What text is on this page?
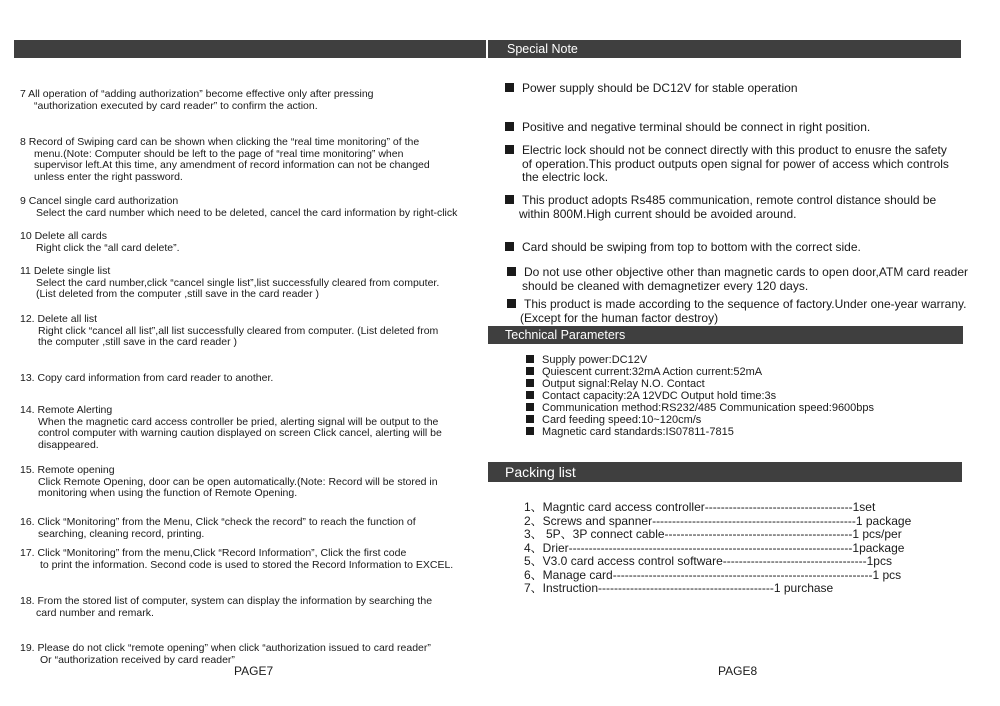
7 All operation of “adding authorization” become effective only after pressing
“authorization executed by card reader” to confirm the action.
8 Record of Swiping card can be shown when clicking the “real time monitoring” of the
menu.(Note: Computer should be left to the page of “real time monitoring” when
supervisor left.At this time, any amendment of record information can not be changed
unless enter the right password.
9 Cancel single card authorization
Select the card number which need to be deleted, cancel the card information by right-click
10 Delete all cards
Right click the “all card delete”.
11 Delete single list
Select the card number,click “cancel single list”,list successfully cleared from computer.
(List deleted from the computer ,still save in the card reader )
12. Delete all list
Right click “cancel all list”,all list successfully cleared from computer. (List deleted from
the computer ,still save in the card reader )
13. Copy card information from card reader to another.
14. Remote Alerting
When the magnetic card access controller be pried, alerting signal will be output to the
control computer with warning caution displayed on screen Click cancel, alerting will be
disappeared.
15. Remote opening
Click Remote Opening, door can be open automatically.(Note: Record will be stored in
monitoring when using the function of Remote Opening.
16. Click “Monitoring” from the Menu, Click “check the record” to reach the function of
searching, cleaning record, printing.
17. Click “Monitoring” from the menu,Click “Record Information”, Click the first code
to print the information. Second code is used to stored the Record Information to EXCEL.
18. From the stored list of computer, system can display the information by searching the
card number and remark.
19. Please do not click “remote opening” when click “authorization issued to card reader”
Or “authorization received by card reader”
PAGE7
Special Note
Power supply should be DC12V for stable operation
Positive and negative terminal should be connect in right position.
Electric lock should not be connect directly with this product to enusre the safety
of operation.This product outputs open signal for power of access which controls
the electric lock.
This product adopts Rs485 communication, remote control distance should be
within 800M.High current should be avoided around.
Card should be swiping from top to bottom with the correct side.
Do not use other objective other than magnetic cards to open door,ATM card reader
should be cleaned with demagnetizer every 120 days.
This product is made according to the sequence of factory.Under one-year warrany.
(Except for the human factor destroy)
Technical Parameters
Supply power:DC12V
Quiescent current:32mA Action current:52mA
Output signal:Relay N.O. Contact
Contact capacity:2A 12VDC Output hold time:3s
Communication method:RS232/485 Communication speed:9600bps
Card feeding speed:10~120cm/s
Magnetic card standards:IS07811-7815
Packing list
1、Magntic card access controller-------------------------------------1set
2、Screws and spanner---------------------------------------------------1 package
3、 5P、3P connect cable-----------------------------------------------1 pcs/per
4、Drier-----------------------------------------------------------------------1package
5、V3.0 card access control software------------------------------------1pcs
6、Manage card-----------------------------------------------------------------1 pcs
7、Instruction--------------------------------------------1 purchase
PAGE8
